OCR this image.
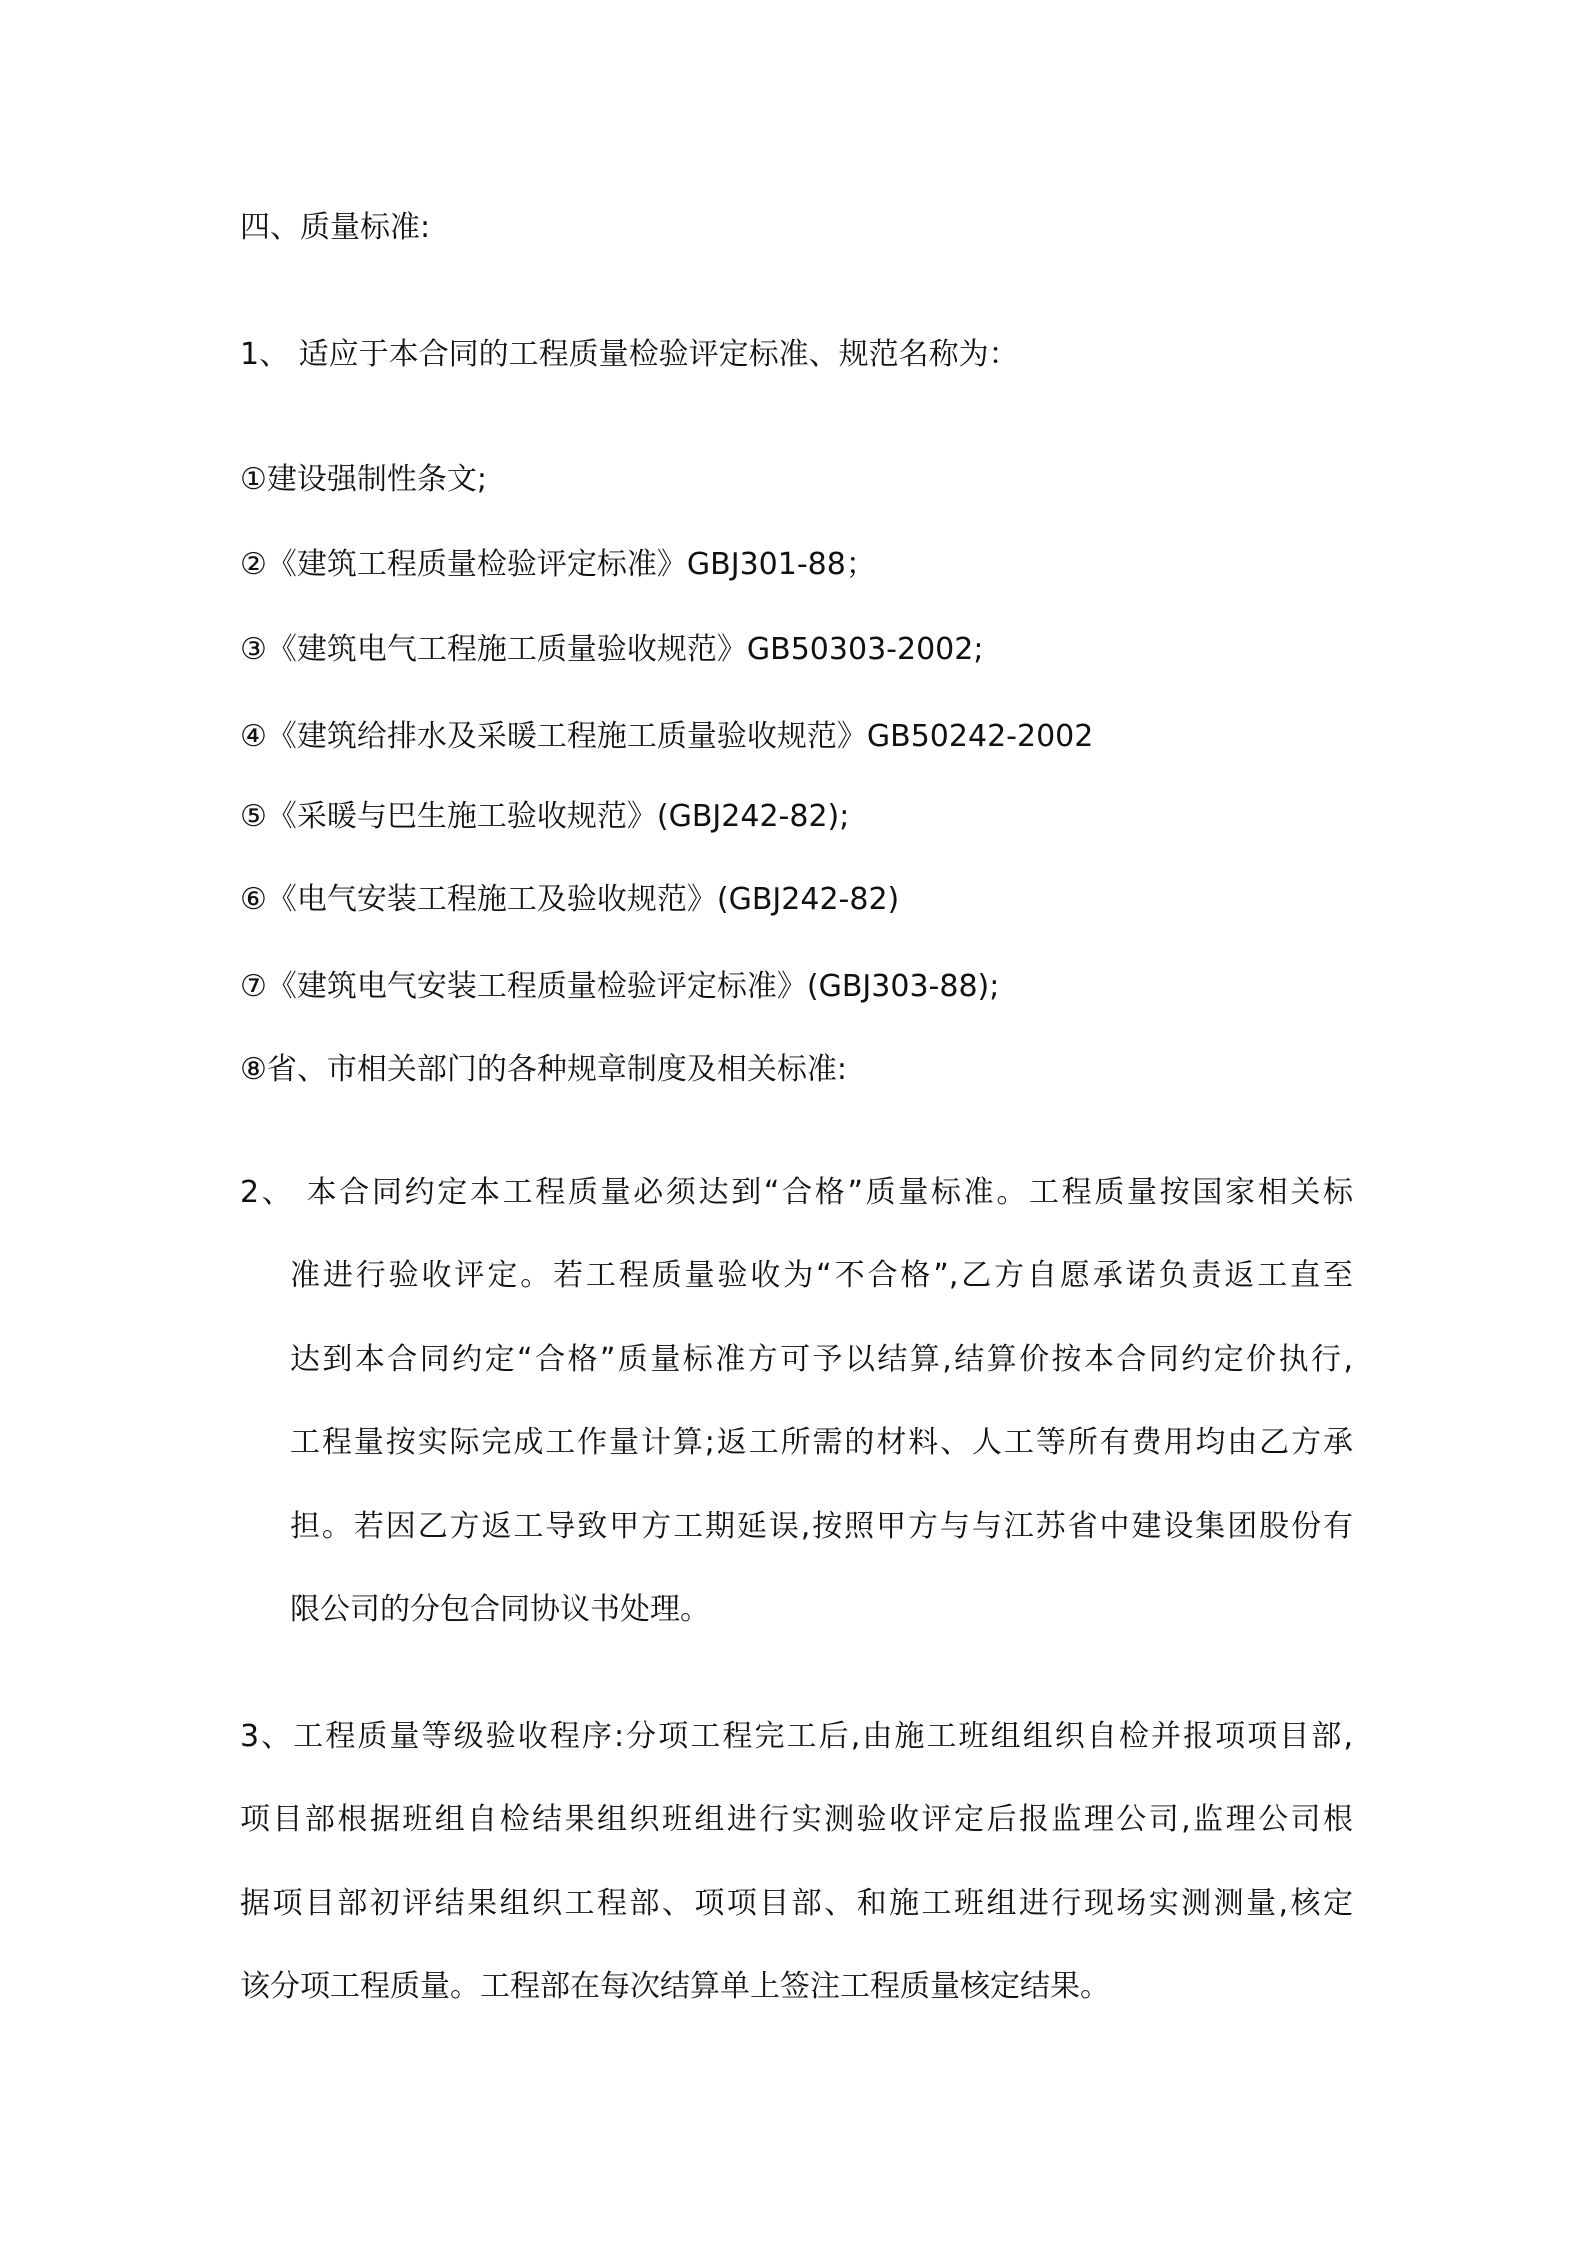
四、质量标准:
1、 适应于本合同的工程质量检验评定标准、规范名称为：
①建设强制性条文;
②《建筑工程质量检验评定标准》GBJ301-88；
③《建筑电气工程施工质量验收规范》GB50303-2002;
④《建筑给排水及采暖工程施工质量验收规范》GB50242-2002
⑤《采暖与巴生施工验收规范》(GBJ242-82);
⑥《电气安装工程施工及验收规范》(GBJ242-82)
⑦《建筑电气安装工程质量检验评定标准》(GBJ303-88);
⑧省、市相关部门的各种规章制度及相关标准:
2、 本合同约定本工程质量必须达到“合格”质量标准。工程质量按国家相关标
准进行验收评定。若工程质量验收为“不合格”,乙方自愿承诺负责返工直至
达到本合同约定“合格”质量标准方可予以结算,结算价按本合同约定价执行,
工程量按实际完成工作量计算;返工所需的材料、人工等所有费用均由乙方承
担。若因乙方返工导致甲方工期延误,按照甲方与与江苏省中建设集团股份有
限公司的分包合同协议书处理。
3、工程质量等级验收程序:分项工程完工后,由施工班组组织自检并报项项目部,
项目部根据班组自检结果组织班组进行实测验收评定后报监理公司,监理公司根
据项目部初评结果组织工程部、项项目部、和施工班组进行现场实测测量,核定
该分项工程质量。工程部在每次结算单上签注工程质量核定结果。
